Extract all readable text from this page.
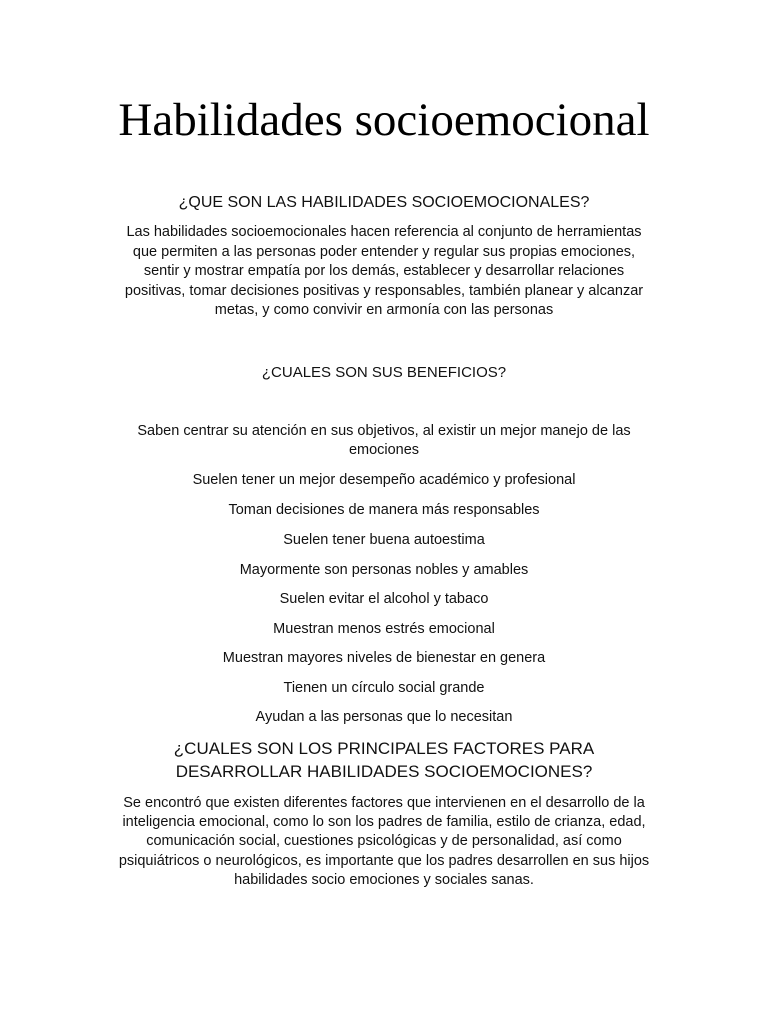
Habilidades socioemocional
¿QUE SON LAS HABILIDADES SOCIOEMOCIONALES?
Las habilidades socioemocionales hacen referencia al conjunto de herramientas
que permiten a las personas poder entender y regular sus propias emociones,
sentir y mostrar empatía por los demás, establecer y desarrollar relaciones
positivas, tomar decisiones positivas y responsables, también planear y alcanzar
metas, y como convivir en armonía con las personas
¿CUALES SON SUS BENEFICIOS?
Saben centrar su atención en sus objetivos, al existir un mejor manejo de las
emociones
Suelen tener un mejor desempeño académico y profesional
Toman decisiones de manera más responsables
Suelen tener buena autoestima
Mayormente son personas nobles y amables
Suelen evitar el alcohol y tabaco
Muestran menos estrés emocional
Muestran mayores niveles de bienestar en genera
Tienen un círculo social grande
Ayudan a las personas que lo necesitan
¿CUALES SON LOS PRINCIPALES FACTORES PARA
DESARROLLAR HABILIDADES SOCIOEMOCIONES?
Se encontró que existen diferentes factores que intervienen en el desarrollo de la
inteligencia emocional, como lo son los padres de familia, estilo de crianza, edad,
comunicación social, cuestiones psicológicas y de personalidad, así como
psiquiátricos o neurológicos, es importante que los padres desarrollen en sus hijos
habilidades socio emociones y sociales sanas.
